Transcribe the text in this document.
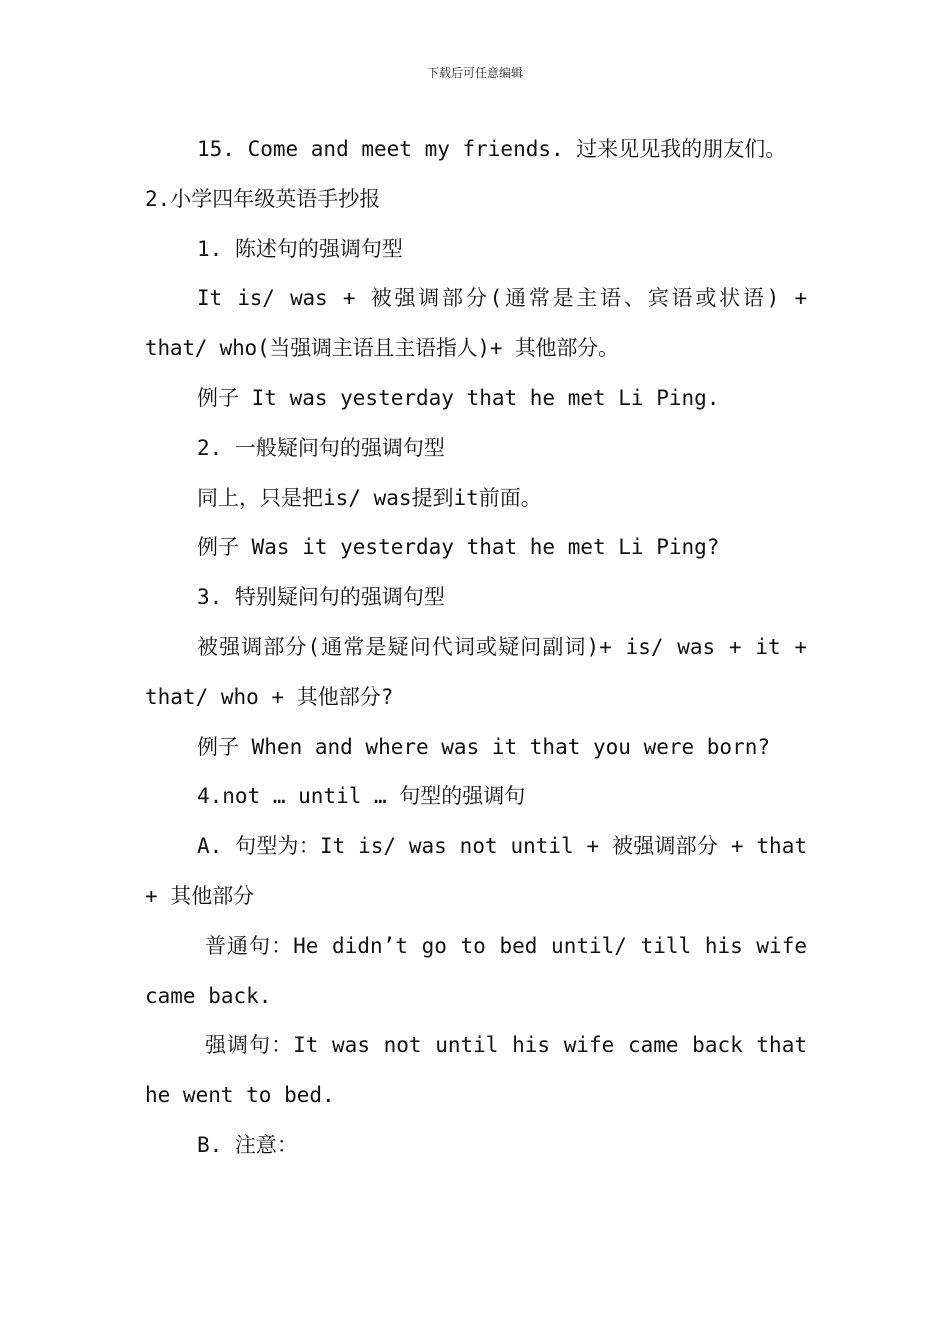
下载后可任意编辑

15. Come and meet my friends. 过来见见我的朋友们。

2.小学四年级英语手抄报

1. 陈述句的强调句型

It is/ was + 被强调部分(通常是主语、宾语或状语) + that/ who(当强调主语且主语指人)+ 其他部分。

例子 It was yesterday that he met Li Ping.

2. 一般疑问句的强调句型

同上，只是把is/ was提到it前面。

例子 Was it yesterday that he met Li Ping?

3. 特别疑问句的强调句型

被强调部分(通常是疑问代词或疑问副词)+ is/ was + it + that/ who + 其他部分?

例子 When and where was it that you were born?

4.not … until … 句型的强调句

A. 句型为：It is/ was not until + 被强调部分 + that + 其他部分

普通句：He didn’t go to bed until/ till his wife came back.

强调句：It was not until his wife came back that he went to bed.

B. 注意：
